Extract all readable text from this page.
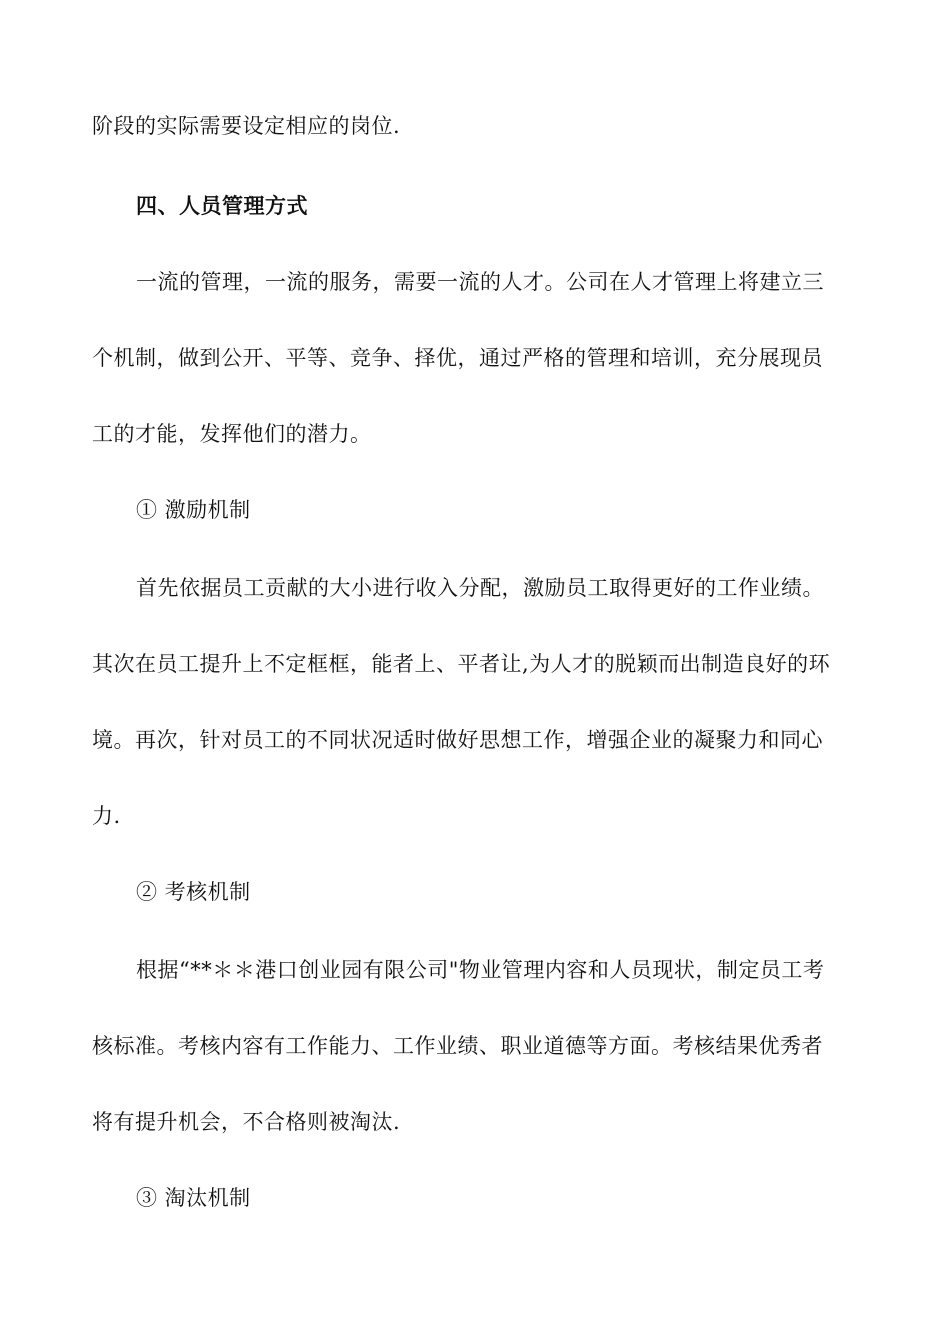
阶段的实际需要设定相应的岗位.
四、人员管理方式
一流的管理，一流的服务，需要一流的人才。公司在人才管理上将建立三
个机制，做到公开、平等、竞争、择优，通过严格的管理和培训，充分展现员
工的才能，发挥他们的潜力。
① 激励机制
首先依据员工贡献的大小进行收入分配，激励员工取得更好的工作业绩。
其次在员工提升上不定框框，能者上、平者让,为人才的脱颖而出制造良好的环
境。再次，针对员工的不同状况适时做好思想工作，增强企业的凝聚力和同心
力.
② 考核机制
根据“**＊＊港口创业园有限公司"物业管理内容和人员现状，制定员工考
核标准。考核内容有工作能力、工作业绩、职业道德等方面。考核结果优秀者
将有提升机会，不合格则被淘汰.
③ 淘汰机制
